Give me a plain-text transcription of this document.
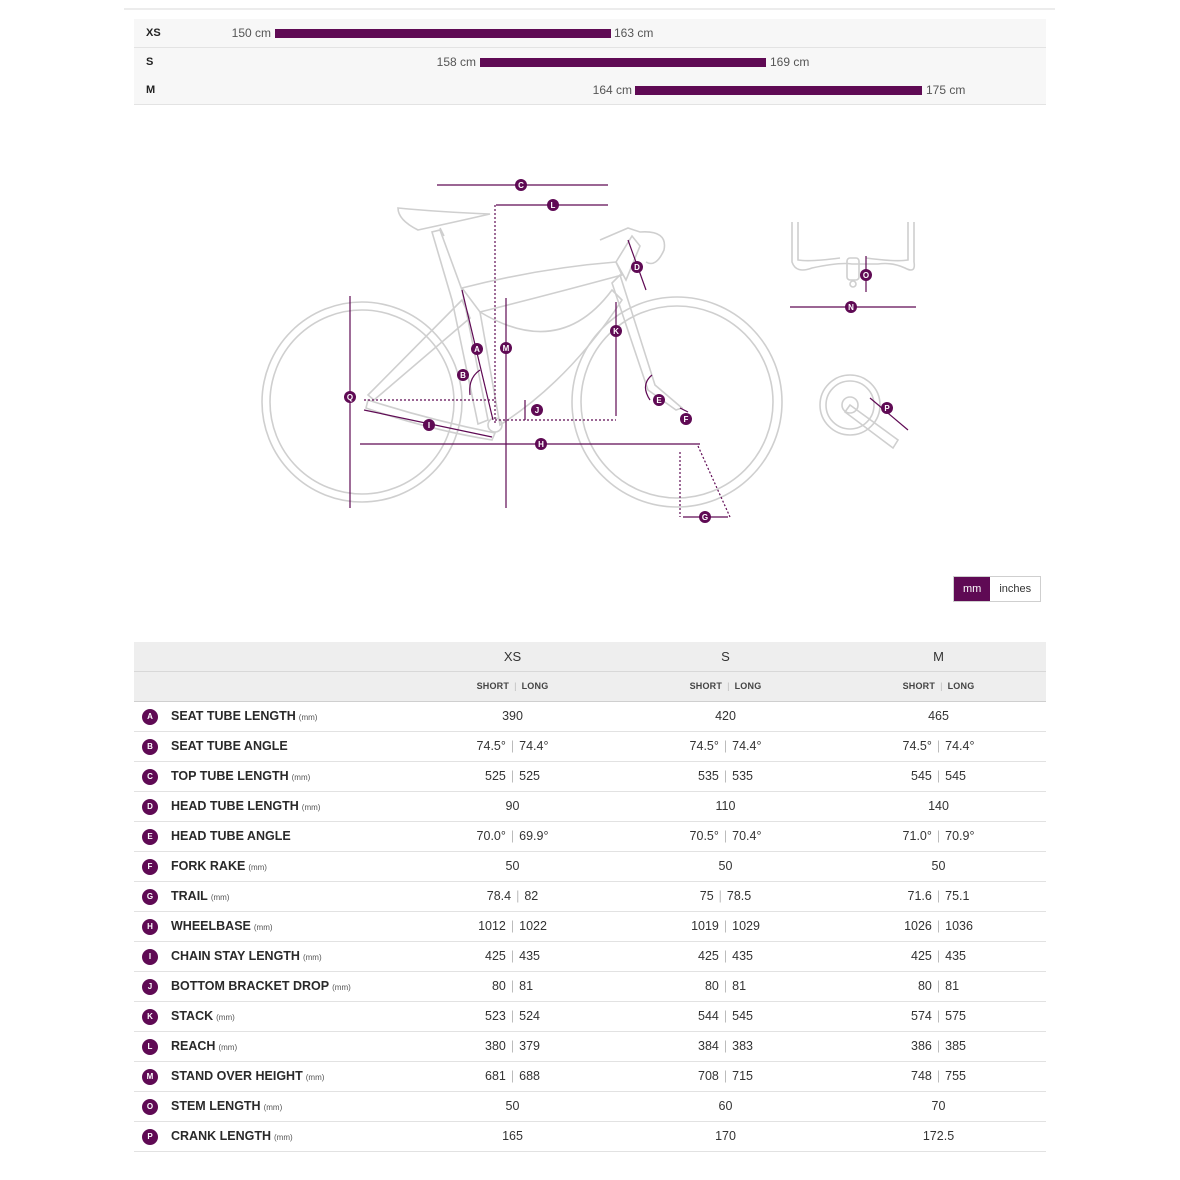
XS	150 cm	163 cm
S	158 cm	169 cm
M	164 cm	175 cm
C
L
D
K
M
A
B
Q	E
J
F
I
H
G
O
N
P
mm	inches
XS	S	M
SHORT | LONG	SHORT | LONG	SHORT | LONG
A	SEAT TUBE LENGTH (mm)	390	420	465
B	SEAT TUBE ANGLE	74.5° | 74.4°	74.5° | 74.4°	74.5° | 74.4°
C	TOP TUBE LENGTH (mm)	525 | 525	535 | 535	545 | 545
D	HEAD TUBE LENGTH (mm)	90	110	140
E	HEAD TUBE ANGLE	70.0° | 69.9°	70.5° | 70.4°	71.0° | 70.9°
F	FORK RAKE (mm)	50	50	50
G	TRAIL (mm)	78.4 | 82	75 | 78.5	71.6 | 75.1
H	WHEELBASE (mm)	1012 | 1022	1019 | 1029	1026 | 1036
I	CHAIN STAY LENGTH (mm)	425 | 435	425 | 435	425 | 435
J	BOTTOM BRACKET DROP (mm)	80 | 81	80 | 81	80 | 81
K	STACK (mm)	523 | 524	544 | 545	574 | 575
L	REACH (mm)	380 | 379	384 | 383	386 | 385
M	STAND OVER HEIGHT (mm)	681 | 688	708 | 715	748 | 755
O	STEM LENGTH (mm)	50	60	70
P	CRANK LENGTH (mm)	165	170	172.5
